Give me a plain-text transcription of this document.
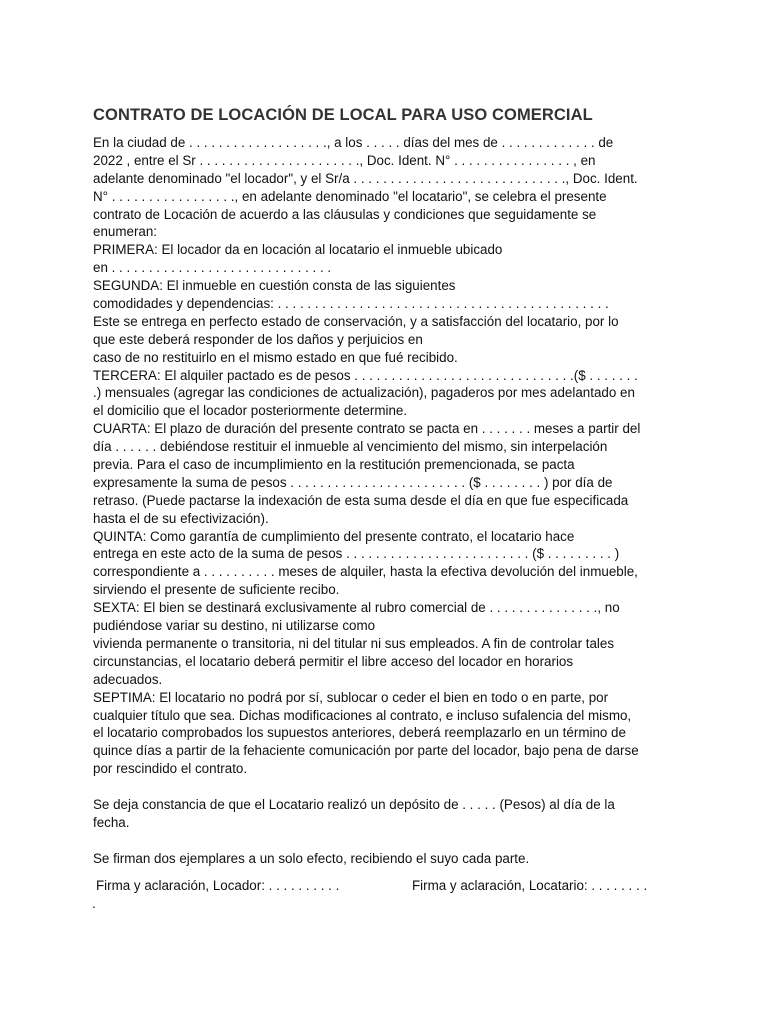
CONTRATO DE LOCACIÓN DE LOCAL PARA USO COMERCIAL
En la ciudad de . . . . . . . . . . . . . . . . . . ., a los . . . . . días del mes de . . . . . . . . . . . . . de
2022 , entre el Sr . . . . . . . . . . . . . . . . . . . . . ., Doc. Ident. N° . . . . . . . . . . . . . . . . , en
adelante denominado "el locador", y el Sr/a . . . . . . . . . . . . . . . . . . . . . . . . . . . . ., Doc. Ident.
N° . . . . . . . . . . . . . . . . ., en adelante denominado "el locatario", se celebra el presente
contrato de Locación de acuerdo a las cláusulas y condiciones que seguidamente se
enumeran:
PRIMERA: El locador da en locación al locatario el inmueble ubicado
en . . . . . . . . . . . . . . . . . . . . . . . . . . . . . .
SEGUNDA: El inmueble en cuestión consta de las siguientes
comodidades y dependencias: . . . . . . . . . . . . . . . . . . . . . . . . . . . . . . . . . . . . . . . . . . . . .
Este se entrega en perfecto estado de conservación, y a satisfacción del locatario, por lo
que este deberá responder de los daños y perjuicios en
caso de no restituirlo en el mismo estado en que fué recibido.
TERCERA: El alquiler pactado es de pesos . . . . . . . . . . . . . . . . . . . . . . . . . . . . . .($ . . . . . . .
.) mensuales (agregar las condiciones de actualización), pagaderos por mes adelantado en
el domicilio que el locador posteriormente determine.
CUARTA: El plazo de duración del presente contrato se pacta en . . . . . . . meses a partir del
día . . . . . . debiéndose restituir el inmueble al vencimiento del mismo, sin interpelación
previa. Para el caso de incumplimiento en la restitución premencionada, se pacta
expresamente la suma de pesos . . . . . . . . . . . . . . . . . . . . . . . . ($ . . . . . . . . ) por día de
retraso. (Puede pactarse la indexación de esta suma desde el día en que fue especificada
hasta el de su efectivización).
QUINTA: Como garantía de cumplimiento del presente contrato, el locatario hace
entrega en este acto de la suma de pesos . . . . . . . . . . . . . . . . . . . . . . . . . ($ . . . . . . . . . )
correspondiente a . . . . . . . . . . meses de alquiler, hasta la efectiva devolución del inmueble,
sirviendo el presente de suficiente recibo.
SEXTA: El bien se destinará exclusivamente al rubro comercial de . . . . . . . . . . . . . . ., no
pudiéndose variar su destino, ni utilizarse como
vivienda permanente o transitoria, ni del titular ni sus empleados. A fin de controlar tales
circunstancias, el locatario deberá permitir el libre acceso del locador en horarios
adecuados.
SEPTIMA: El locatario no podrá por sí, sublocar o ceder el bien en todo o en parte, por
cualquier título que sea. Dichas modificaciones al contrato, e incluso sufalencia del mismo,
el locatario comprobados los supuestos anteriores, deberá reemplazarlo en un término de
quince días a partir de la fehaciente comunicación por parte del locador, bajo pena de darse
por rescindido el contrato.
Se deja constancia de que el Locatario realizó un depósito de . . . . . (Pesos) al día de la
fecha.
Se firman dos ejemplares a un solo efecto, recibiendo el suyo cada parte.
Firma y aclaración, Locador: . . . . . . . . . .	Firma y aclaración, Locatario: . . . . . . . .
.
